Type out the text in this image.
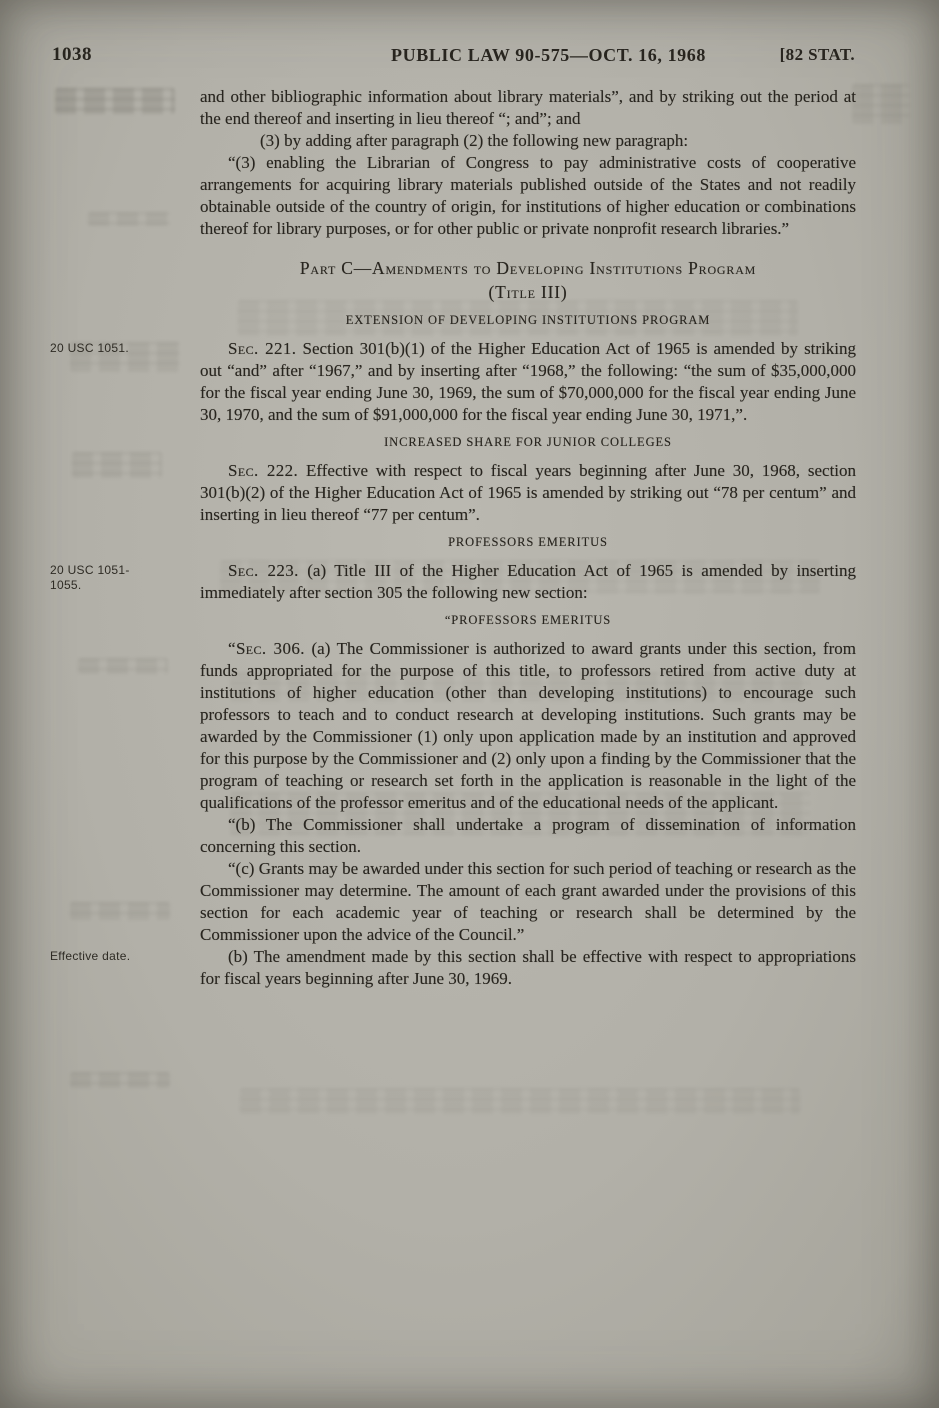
1038	PUBLIC LAW 90-575—OCT. 16, 1968	[82 STAT.

and other bibliographic information about library materials”, and by striking out the period at the end thereof and inserting in lieu thereof “; and”; and

(3) by adding after paragraph (2) the following new paragraph:

“(3) enabling the Librarian of Congress to pay administrative costs of cooperative arrangements for acquiring library materials published outside of the States and not readily obtainable outside of the country of origin, for institutions of higher education or combinations thereof for library purposes, or for other public or private nonprofit research libraries.”

Part C—Amendments to Developing Institutions Program
(Title III)
EXTENSION OF DEVELOPING INSTITUTIONS PROGRAM

20 USC 1051.	Sec. 221. Section 301(b)(1) of the Higher Education Act of 1965 is amended by striking out “and” after “1967,” and by inserting after “1968,” the following: “the sum of $35,000,000 for the fiscal year ending June 30, 1969, the sum of $70,000,000 for the fiscal year ending June 30, 1970, and the sum of $91,000,000 for the fiscal year ending June 30, 1971,”.

INCREASED SHARE FOR JUNIOR COLLEGES

Sec. 222. Effective with respect to fiscal years beginning after June 30, 1968, section 301(b)(2) of the Higher Education Act of 1965 is amended by striking out “78 per centum” and inserting in lieu thereof “77 per centum”.

PROFESSORS EMERITUS

20 USC 1051-1055.
Sec. 223. (a) Title III of the Higher Education Act of 1965 is amended by inserting immediately after section 305 the following new section:

“PROFESSORS EMERITUS

“Sec. 306. (a) The Commissioner is authorized to award grants under this section, from funds appropriated for the purpose of this title, to professors retired from active duty at institutions of higher education (other than developing institutions) to encourage such professors to teach and to conduct research at developing institutions. Such grants may be awarded by the Commissioner (1) only upon application made by an institution and approved for this purpose by the Commissioner and (2) only upon a finding by the Commissioner that the program of teaching or research set forth in the application is reasonable in the light of the qualifications of the professor emeritus and of the educational needs of the applicant.

“(b) The Commissioner shall undertake a program of dissemination of information concerning this section.

“(c) Grants may be awarded under this section for such period of teaching or research as the Commissioner may determine. The amount of each grant awarded under the provisions of this section for each academic year of teaching or research shall be determined by the Commissioner upon the advice of the Council.”

Effective date.	(b) The amendment made by this section shall be effective with respect to appropriations for fiscal years beginning after June 30, 1969.
